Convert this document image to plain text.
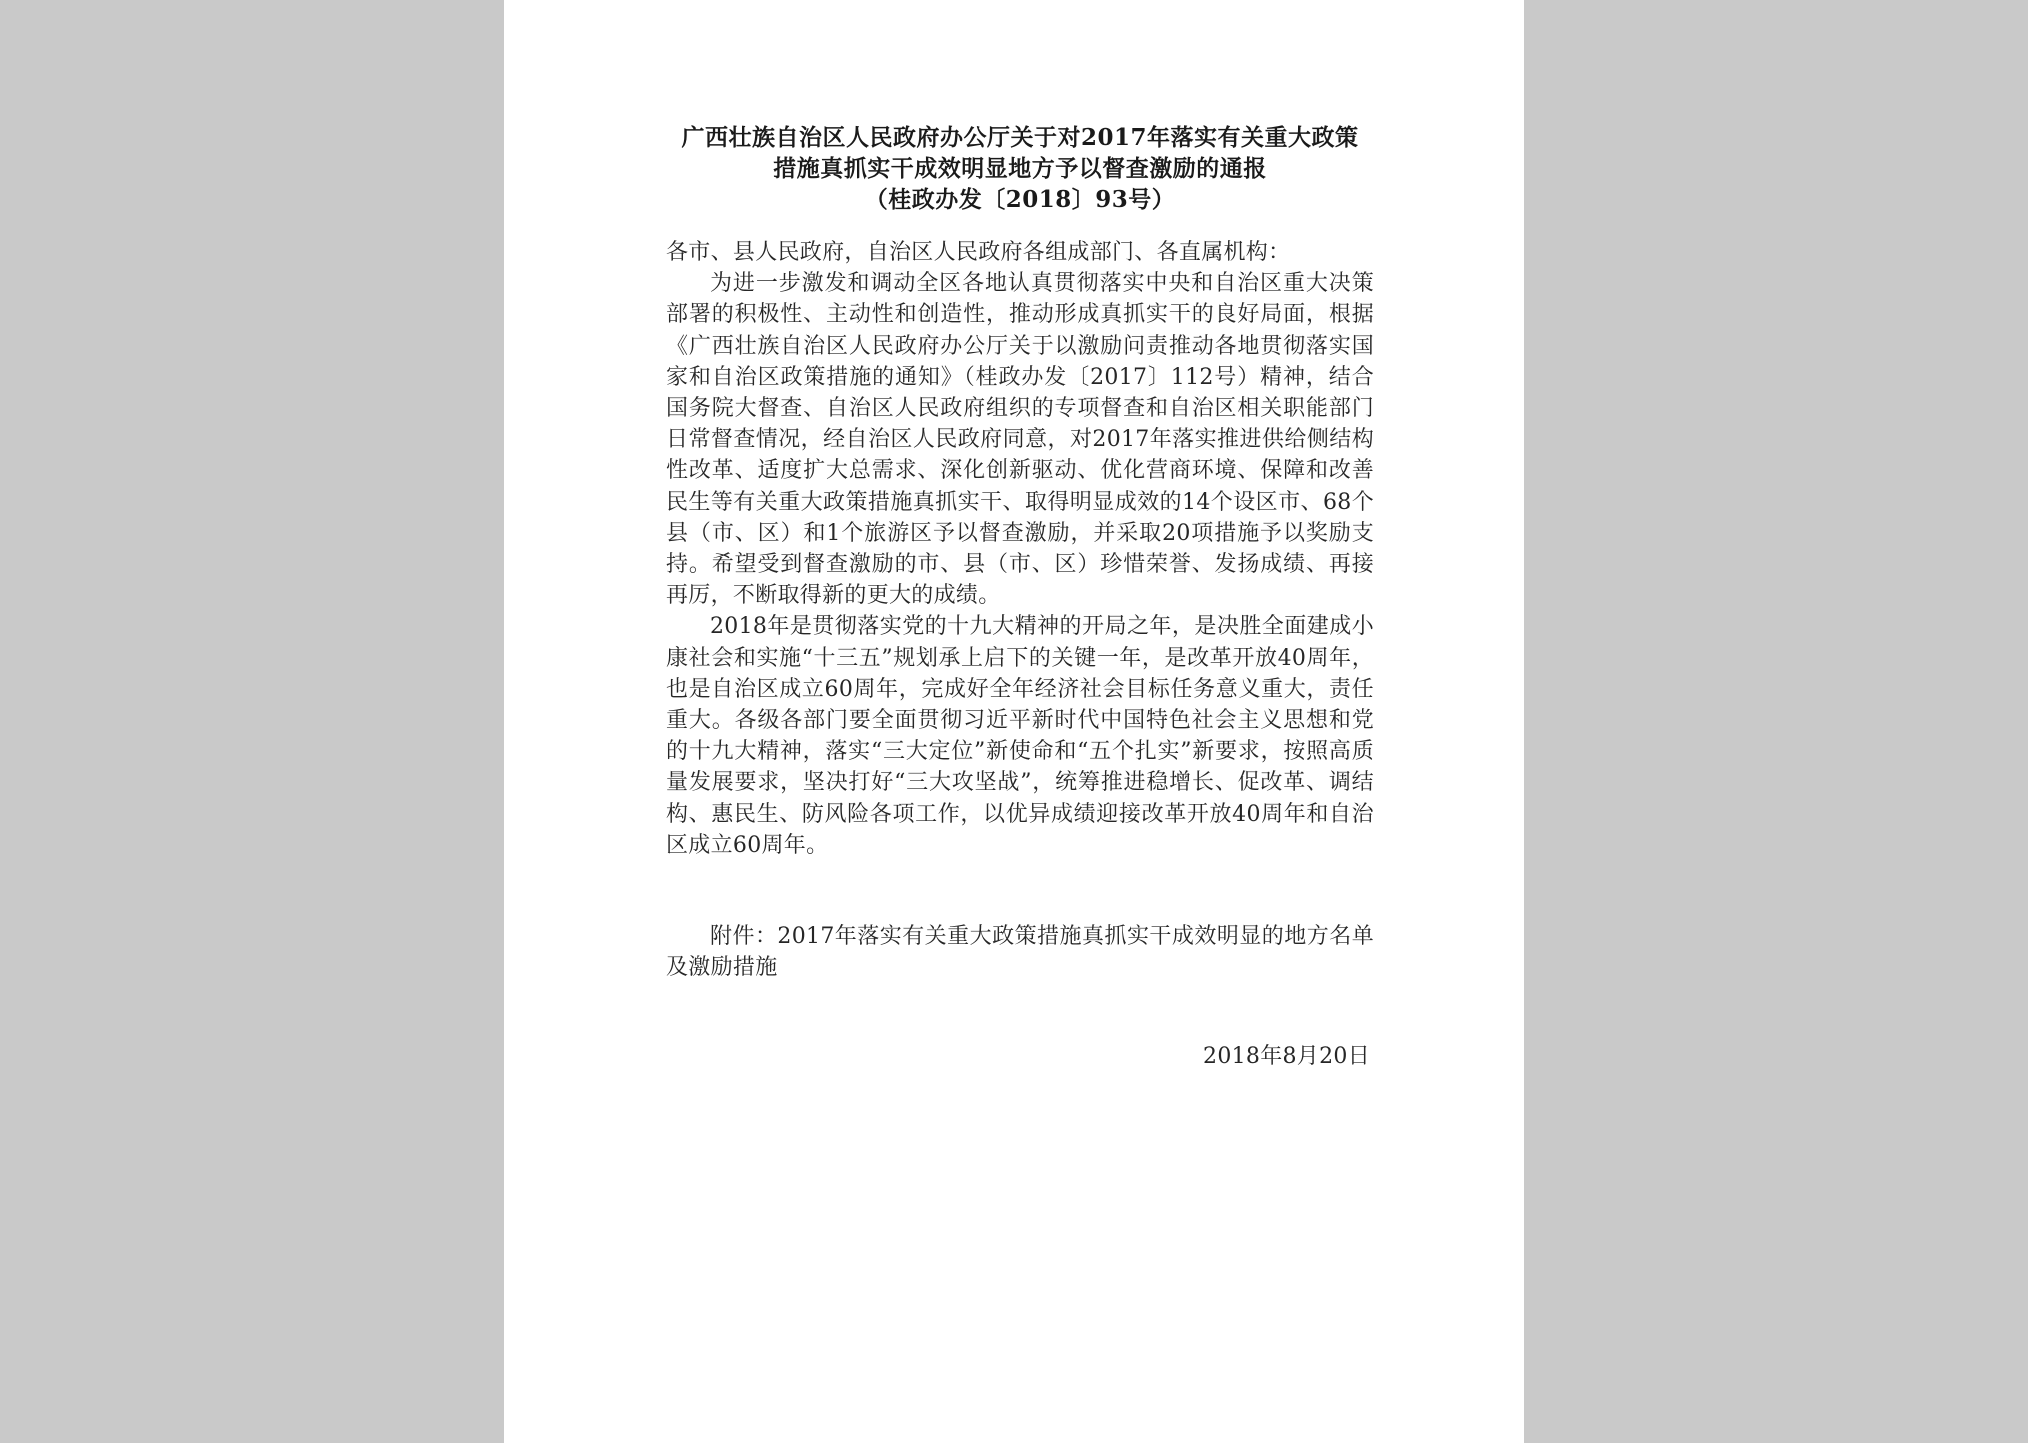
广西壮族自治区人民政府办公厅关于对2017年落实有关重大政策
措施真抓实干成效明显地方予以督查激励的通报
（桂政办发〔2018〕93号）
各市、县人民政府，自治区人民政府各组成部门、各直属机构：
为进一步激发和调动全区各地认真贯彻落实中央和自治区重大决策部署的积极性、主动性和创造性，推动形成真抓实干的良好局面，根据《广西壮族自治区人民政府办公厅关于以激励问责推动各地贯彻落实国家和自治区政策措施的通知》（桂政办发〔2017〕112号）精神，结合国务院大督查、自治区人民政府组织的专项督查和自治区相关职能部门日常督查情况，经自治区人民政府同意，对2017年落实推进供给侧结构性改革、适度扩大总需求、深化创新驱动、优化营商环境、保障和改善民生等有关重大政策措施真抓实干、取得明显成效的14个设区市、68个县（市、区）和1个旅游区予以督查激励，并采取20项措施予以奖励支持。希望受到督查激励的市、县（市、区）珍惜荣誉、发扬成绩、再接再厉，不断取得新的更大的成绩。
2018年是贯彻落实党的十九大精神的开局之年，是决胜全面建成小康社会和实施“十三五”规划承上启下的关键一年，是改革开放40周年，也是自治区成立60周年，完成好全年经济社会目标任务意义重大，责任重大。各级各部门要全面贯彻习近平新时代中国特色社会主义思想和党的十九大精神，落实“三大定位”新使命和“五个扎实”新要求，按照高质量发展要求，坚决打好“三大攻坚战”，统筹推进稳增长、促改革、调结构、惠民生、防风险各项工作，以优异成绩迎接改革开放40周年和自治区成立60周年。
附件：2017年落实有关重大政策措施真抓实干成效明显的地方名单及激励措施
2018年8月20日
